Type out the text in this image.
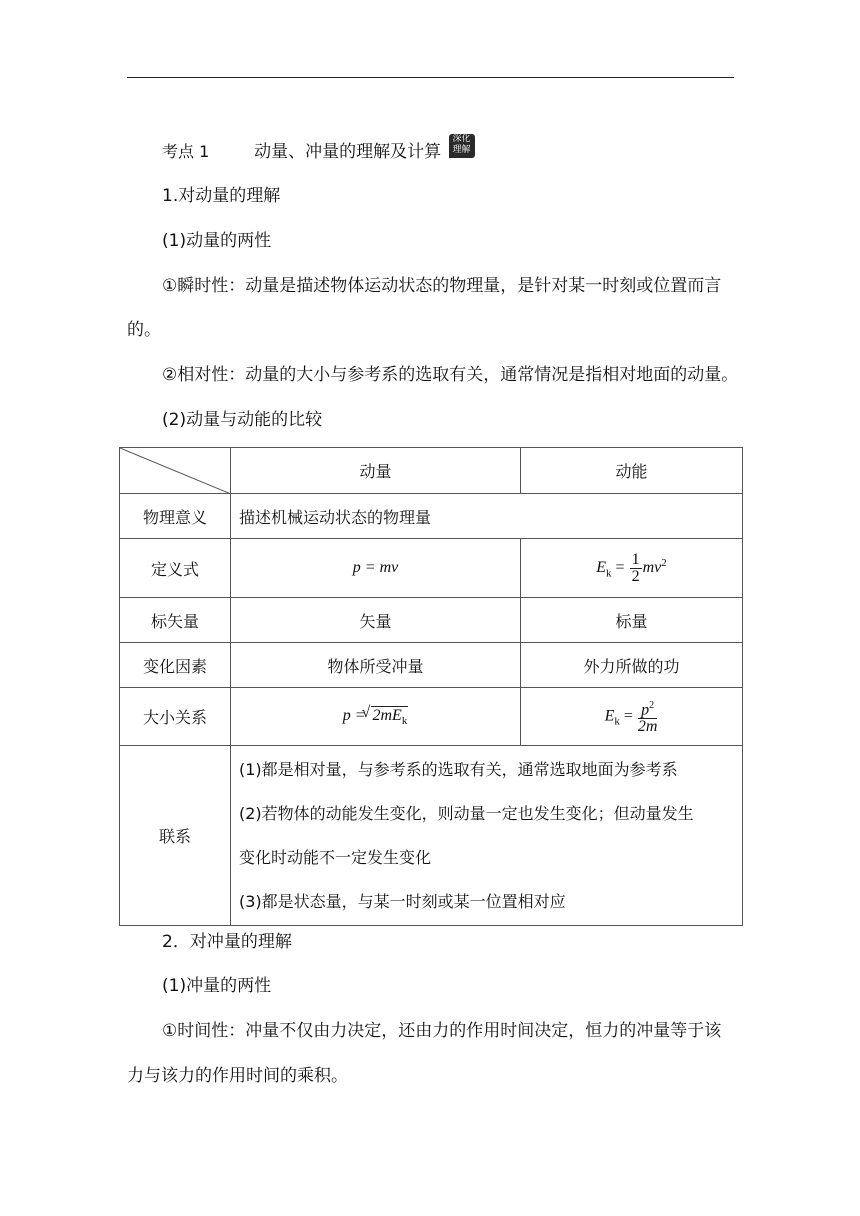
考点 1	动量、冲量的理解及计算
深化
理解
1.对动量的理解
(1)动量的两性
①瞬时性：动量是描述物体运动状态的物理量，是针对某一时刻或位置而言
的。
②相对性：动量的大小与参考系的选取有关，通常情况是指相对地面的动量。
(2)动量与动能的比较
	动量	动能
物理意义	描述机械运动状态的物理量	
定义式	p = mv	$E_k = \frac{1}{2} mv^2$
标矢量	矢量	标量
变化因素	物体所受冲量	外力所做的功
大小关系	p = √ $2mE_k$	$E_k = \frac{p^2}{2m}$

联系	(1)都是相对量，与参考系的选取有关，通常选取地面为参考系
(2)若物体的动能发生变化，则动量一定也发生变化；但动量发生
变化时动能不一定发生变化
(3)都是状态量，与某一时刻或某一位置相对应	
2．对冲量的理解
(1)冲量的两性
①时间性：冲量不仅由力决定，还由力的作用时间决定，恒力的冲量等于该
力与该力的作用时间的乘积。
